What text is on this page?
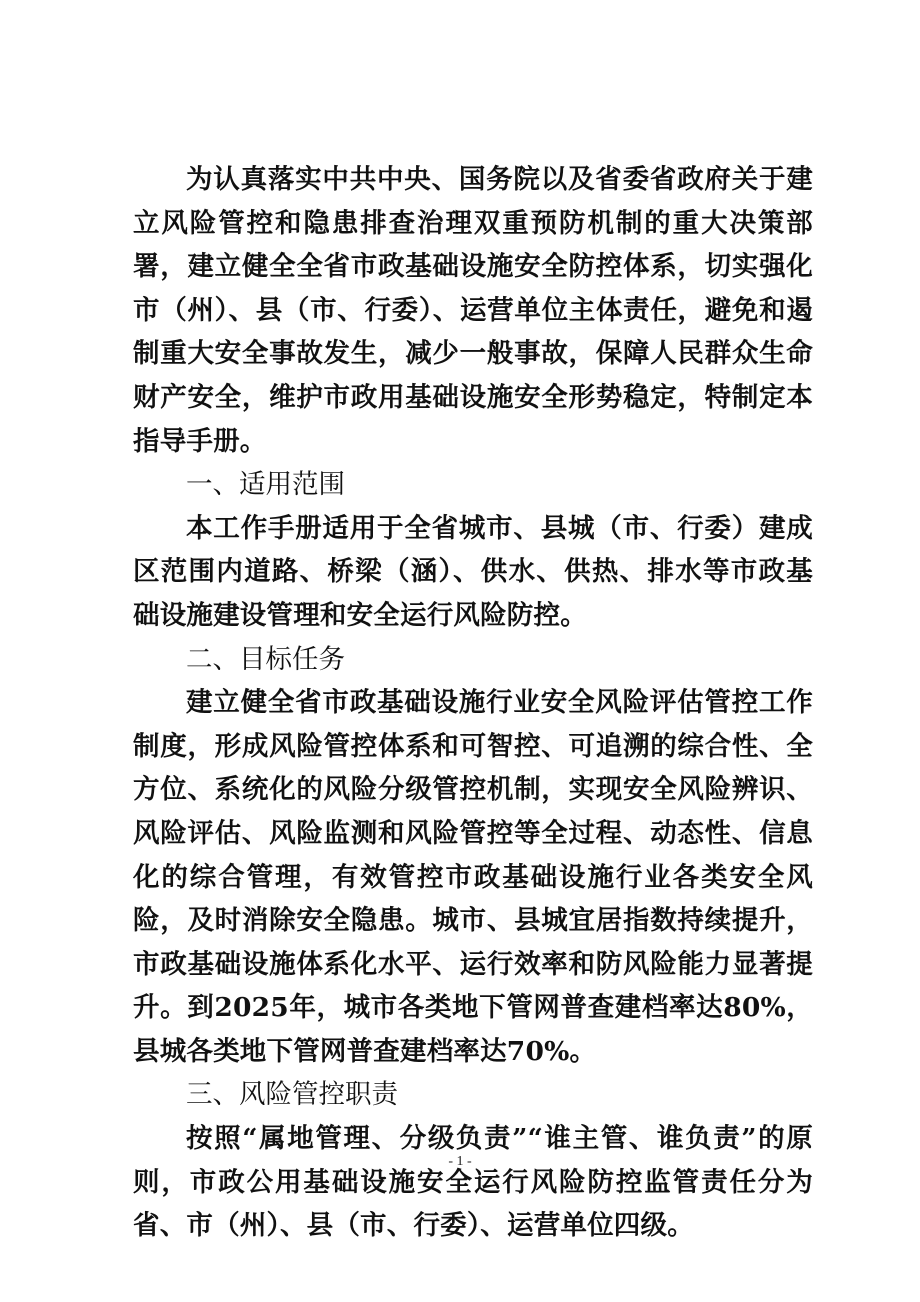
为认真落实中共中央、国务院以及省委省政府关于建立风险管控和隐患排查治理双重预防机制的重大决策部署，建立健全全省市政基础设施安全防控体系，切实强化市（州）、县（市、行委）、运营单位主体责任，避免和遏制重大安全事故发生，减少一般事故，保障人民群众生命财产安全，维护市政用基础设施安全形势稳定，特制定本指导手册。

一、适用范围

本工作手册适用于全省城市、县城（市、行委）建成区范围内道路、桥梁（涵）、供水、供热、排水等市政基础设施建设管理和安全运行风险防控。

二、目标任务

建立健全省市政基础设施行业安全风险评估管控工作制度，形成风险管控体系和可智控、可追溯的综合性、全方位、系统化的风险分级管控机制，实现安全风险辨识、风险评估、风险监测和风险管控等全过程、动态性、信息化的综合管理，有效管控市政基础设施行业各类安全风险，及时消除安全隐患。城市、县城宜居指数持续提升，市政基础设施体系化水平、运行效率和防风险能力显著提升。到2025年，城市各类地下管网普查建档率达80%，县城各类地下管网普查建档率达70%。

三、风险管控职责

按照“属地管理、分级负责”“谁主管、谁负责”的原则，市政公用基础设施安全运行风险防控监管责任分为省、市（州）、县（市、行委）、运营单位四级。

- 1 -
